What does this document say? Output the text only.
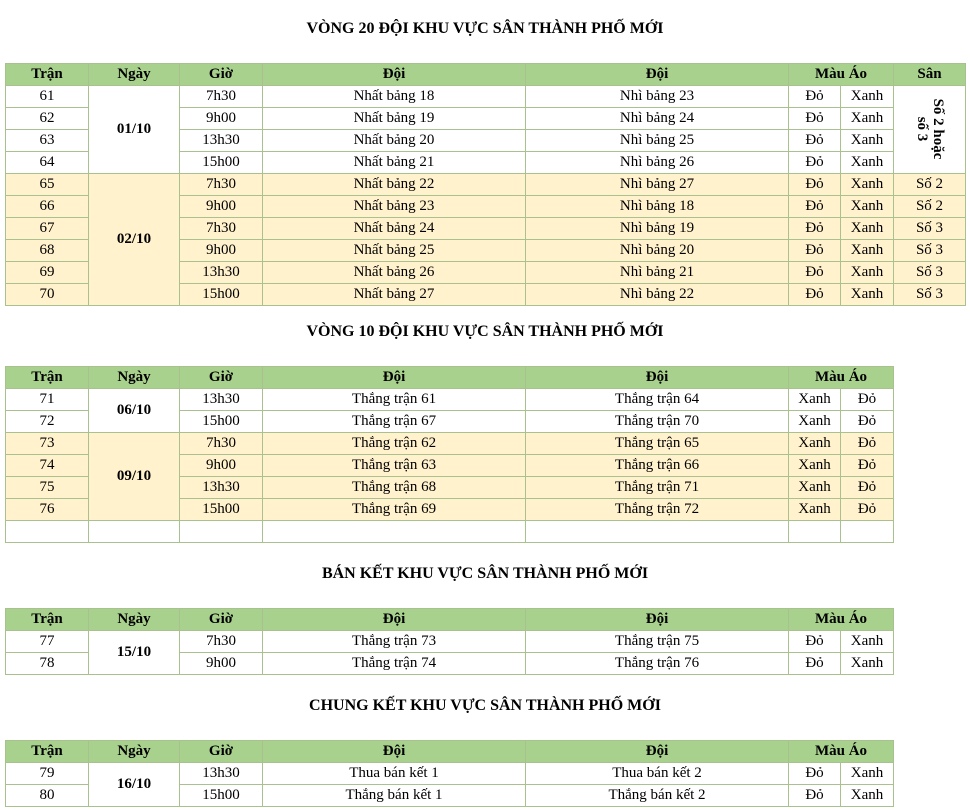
VÒNG 20 ĐỘI KHU VỰC SÂN THÀNH PHỐ MỚI
Trận	Ngày	Giờ	Đội	Đội	Màu Áo		Sân
61	01/10	7h30	Nhất bảng 18	Nhì bảng 23	Đỏ	Xanh	Số 2 hoặc số 3
62		9h00	Nhất bảng 19	Nhì bảng 24	Đỏ	Xanh	
63		13h30	Nhất bảng 20	Nhì bảng 25	Đỏ	Xanh	
64		15h00	Nhất bảng 21	Nhì bảng 26	Đỏ	Xanh	
65	02/10	7h30	Nhất bảng 22	Nhì bảng 27	Đỏ	Xanh	Số 2
66		9h00	Nhất bảng 23	Nhì bảng 18	Đỏ	Xanh	Số 2
67		7h30	Nhất bảng 24	Nhì bảng 19	Đỏ	Xanh	Số 3
68		9h00	Nhất bảng 25	Nhì bảng 20	Đỏ	Xanh	Số 3
69		13h30	Nhất bảng 26	Nhì bảng 21	Đỏ	Xanh	Số 3
70		15h00	Nhất bảng 27	Nhì bảng 22	Đỏ	Xanh	Số 3
VÒNG 10 ĐỘI KHU VỰC SÂN THÀNH PHỐ MỚI
Trận	Ngày	Giờ	Đội	Đội	Màu Áo	
71	06/10	13h30	Thắng trận 61	Thắng trận 64	Xanh	Đỏ
72		15h00	Thắng trận 67	Thắng trận 70	Xanh	Đỏ
73	09/10	7h30	Thắng trận 62	Thắng trận 65	Xanh	Đỏ
74		9h00	Thắng trận 63	Thắng trận 66	Xanh	Đỏ
75		13h30	Thắng trận 68	Thắng trận 71	Xanh	Đỏ
76		15h00	Thắng trận 69	Thắng trận 72	Xanh	Đỏ

BÁN KẾT KHU VỰC SÂN THÀNH PHỐ MỚI
Trận	Ngày	Giờ	Đội	Đội	Màu Áo	
77	15/10	7h30	Thắng trận 73	Thắng trận 75	Đỏ	Xanh
78		9h00	Thắng trận 74	Thắng trận 76	Đỏ	Xanh
CHUNG KẾT KHU VỰC SÂN THÀNH PHỐ MỚI
Trận	Ngày	Giờ	Đội	Đội	Màu Áo	
79	16/10	13h30	Thua bán kết 1	Thua bán kết 2	Đỏ	Xanh
80		15h00	Thắng bán kết 1	Thắng bán kết 2	Đỏ	Xanh
